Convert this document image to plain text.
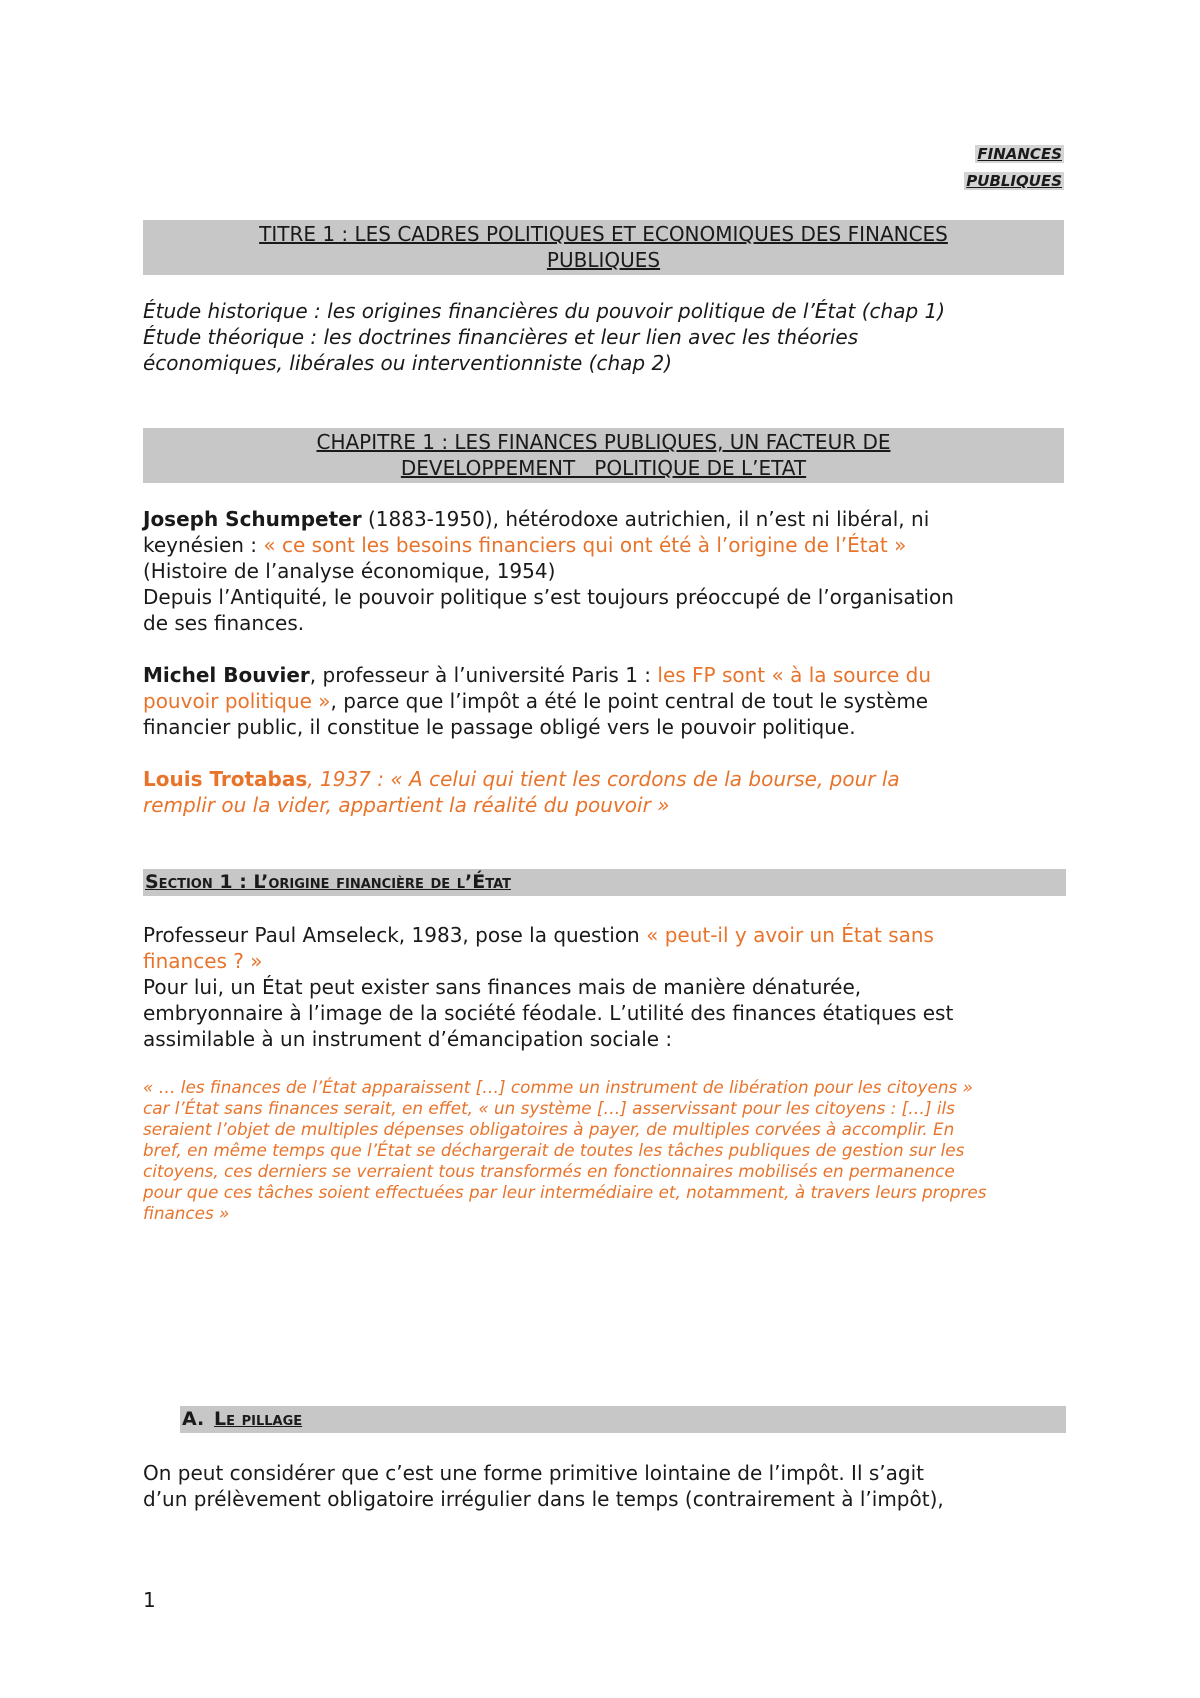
FINANCES
PUBLIQUES
TITRE 1 : LES CADRES POLITIQUES ET ECONOMIQUES DES FINANCES
PUBLIQUES
Étude historique : les origines financières du pouvoir politique de l’État (chap 1)
Étude théorique : les doctrines financières et leur lien avec les théories
économiques, libérales ou interventionniste (chap 2)
CHAPITRE 1 : LES FINANCES PUBLIQUES, UN FACTEUR DE
DEVELOPPEMENT   POLITIQUE DE L’ETAT
Joseph Schumpeter (1883-1950), hétérodoxe autrichien, il n’est ni libéral, ni
keynésien : « ce sont les besoins financiers qui ont été à l’origine de l’État »
(Histoire de l’analyse économique, 1954)
Depuis l’Antiquité, le pouvoir politique s’est toujours préoccupé de l’organisation
de ses finances.
Michel Bouvier, professeur à l’université Paris 1 : les FP sont « à la source du
pouvoir politique », parce que l’impôt a été le point central de tout le système
financier public, il constitue le passage obligé vers le pouvoir politique.
Louis Trotabas, 1937 : « A celui qui tient les cordons de la bourse, pour la
remplir ou la vider, appartient la réalité du pouvoir »
Section 1 : L’origine financière de l’État
Professeur Paul Amseleck, 1983, pose la question « peut-il y avoir un État sans
finances ? »
Pour lui, un État peut exister sans finances mais de manière dénaturée,
embryonnaire à l’image de la société féodale. L’utilité des finances étatiques est
assimilable à un instrument d’émancipation sociale :
« … les finances de l’État apparaissent […] comme un instrument de libération pour les citoyens »
car l’État sans finances serait, en effet, « un système […] asservissant pour les citoyens : […] ils
seraient l’objet de multiples dépenses obligatoires à payer, de multiples corvées à accomplir. En
bref, en même temps que l’État se déchargerait de toutes les tâches publiques de gestion sur les
citoyens, ces derniers se verraient tous transformés en fonctionnaires mobilisés en permanence
pour que ces tâches soient effectuées par leur intermédiaire et, notamment, à travers leurs propres
finances »
A. Le pillage
On peut considérer que c’est une forme primitive lointaine de l’impôt. Il s’agit
d’un prélèvement obligatoire irrégulier dans le temps (contrairement à l’impôt),
1
